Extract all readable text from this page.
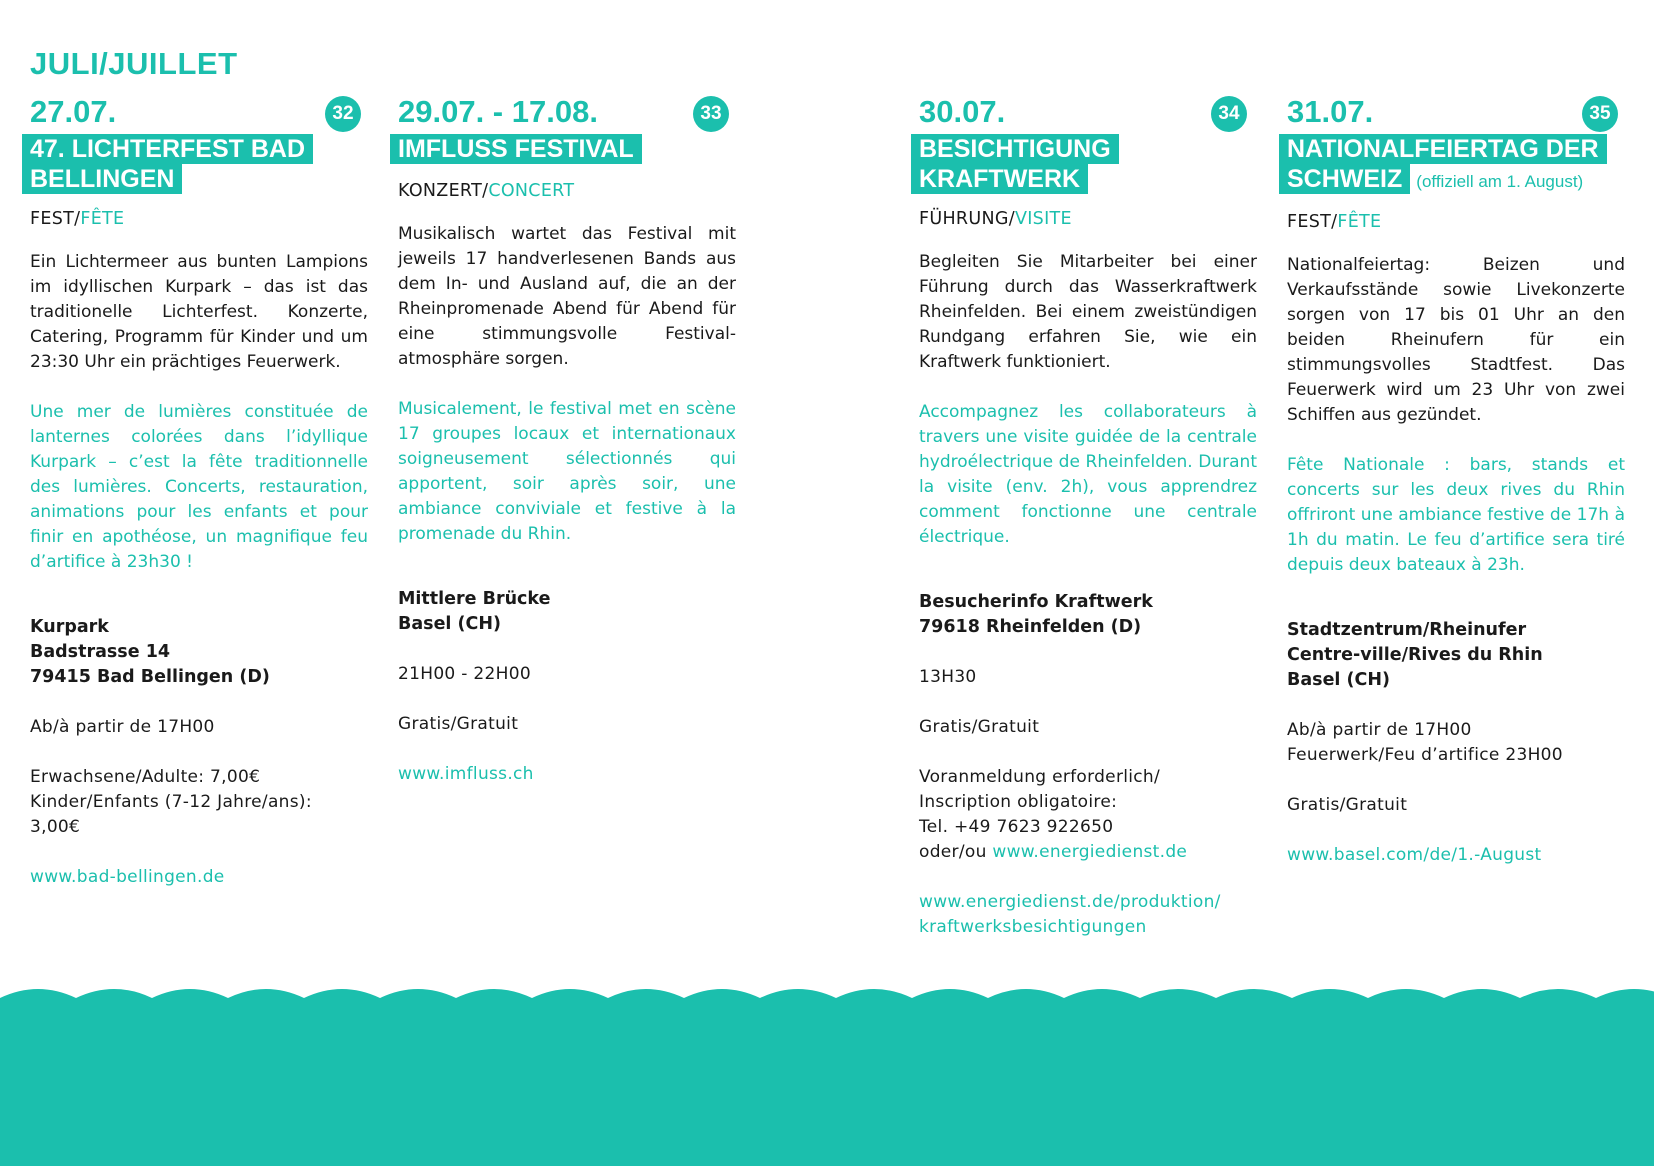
JULI/JUILLET
27.07.	32
47. LICHTERFEST BAD
BELLINGEN
FEST/FÊTE
Ein Lichtermeer aus bunten Lampions im idyllischen Kurpark – das ist das traditionelle Lichterfest. Konzerte, Catering, Programm für Kinder und um 23:30 Uhr ein prächtiges Feuerwerk.
Une mer de lumières constituée de lanternes colorées dans l’idyllique Kurpark – c’est la fête traditionnelle des lumières. Concerts, restauration, animations pour les enfants et pour finir en apothéose, un magnifique feu d’artifice à 23h30 !
Kurpark
Badstrasse 14
79415 Bad Bellingen (D)
Ab/à partir de 17H00
Erwachsene/Adulte: 7,00€
Kinder/Enfants (7-12 Jahre/ans):
3,00€
www.bad-bellingen.de
29.07. - 17.08.	33
IMFLUSS FESTIVAL
KONZERT/CONCERT
Musikalisch wartet das Festival mit jeweils 17 handverlesenen Bands aus dem In- und Ausland auf, die an der Rheinpromenade Abend für Abend für eine stimmungsvolle Festival-atmosphäre sorgen.
Musicalement, le festival met en scène 17 groupes locaux et internationaux soigneusement sélectionnés qui apportent, soir après soir, une ambiance conviviale et festive à la promenade du Rhin.
Mittlere Brücke
Basel (CH)
21H00 - 22H00
Gratis/Gratuit
www.imfluss.ch
30.07.	34
BESICHTIGUNG
KRAFTWERK
FÜHRUNG/VISITE
Begleiten Sie Mitarbeiter bei einer Führung durch das Wasserkraftwerk Rheinfelden. Bei einem zweistündigen Rundgang erfahren Sie, wie ein Kraftwerk funktioniert.
Accompagnez les collaborateurs à travers une visite guidée de la centrale hydroélectrique de Rheinfelden. Durant la visite (env. 2h), vous apprendrez comment fonctionne une centrale électrique.
Besucherinfo Kraftwerk
79618 Rheinfelden (D)
13H30
Gratis/Gratuit
Voranmeldung erforderlich/
Inscription obligatoire:
Tel. +49 7623 922650
oder/ou www.energiedienst.de
www.energiedienst.de/produktion/
kraftwerksbesichtigungen
31.07.	35
NATIONALFEIERTAG DER
SCHWEIZ (offiziell am 1. August)
FEST/FÊTE
Nationalfeiertag: Beizen und Verkaufsstände sowie Livekonzerte sorgen von 17 bis 01 Uhr an den beiden Rheinufern für ein stimmungsvolles Stadtfest. Das Feuerwerk wird um 23 Uhr von zwei Schiffen aus gezündet.
Fête Nationale : bars, stands et concerts sur les deux rives du Rhin offriront une ambiance festive de 17h à 1h du matin. Le feu d’artifice sera tiré depuis deux bateaux à 23h.
Stadtzentrum/Rheinufer
Centre-ville/Rives du Rhin
Basel (CH)
Ab/à partir de 17H00
Feuerwerk/Feu d’artifice 23H00
Gratis/Gratuit
www.basel.com/de/1.-August
